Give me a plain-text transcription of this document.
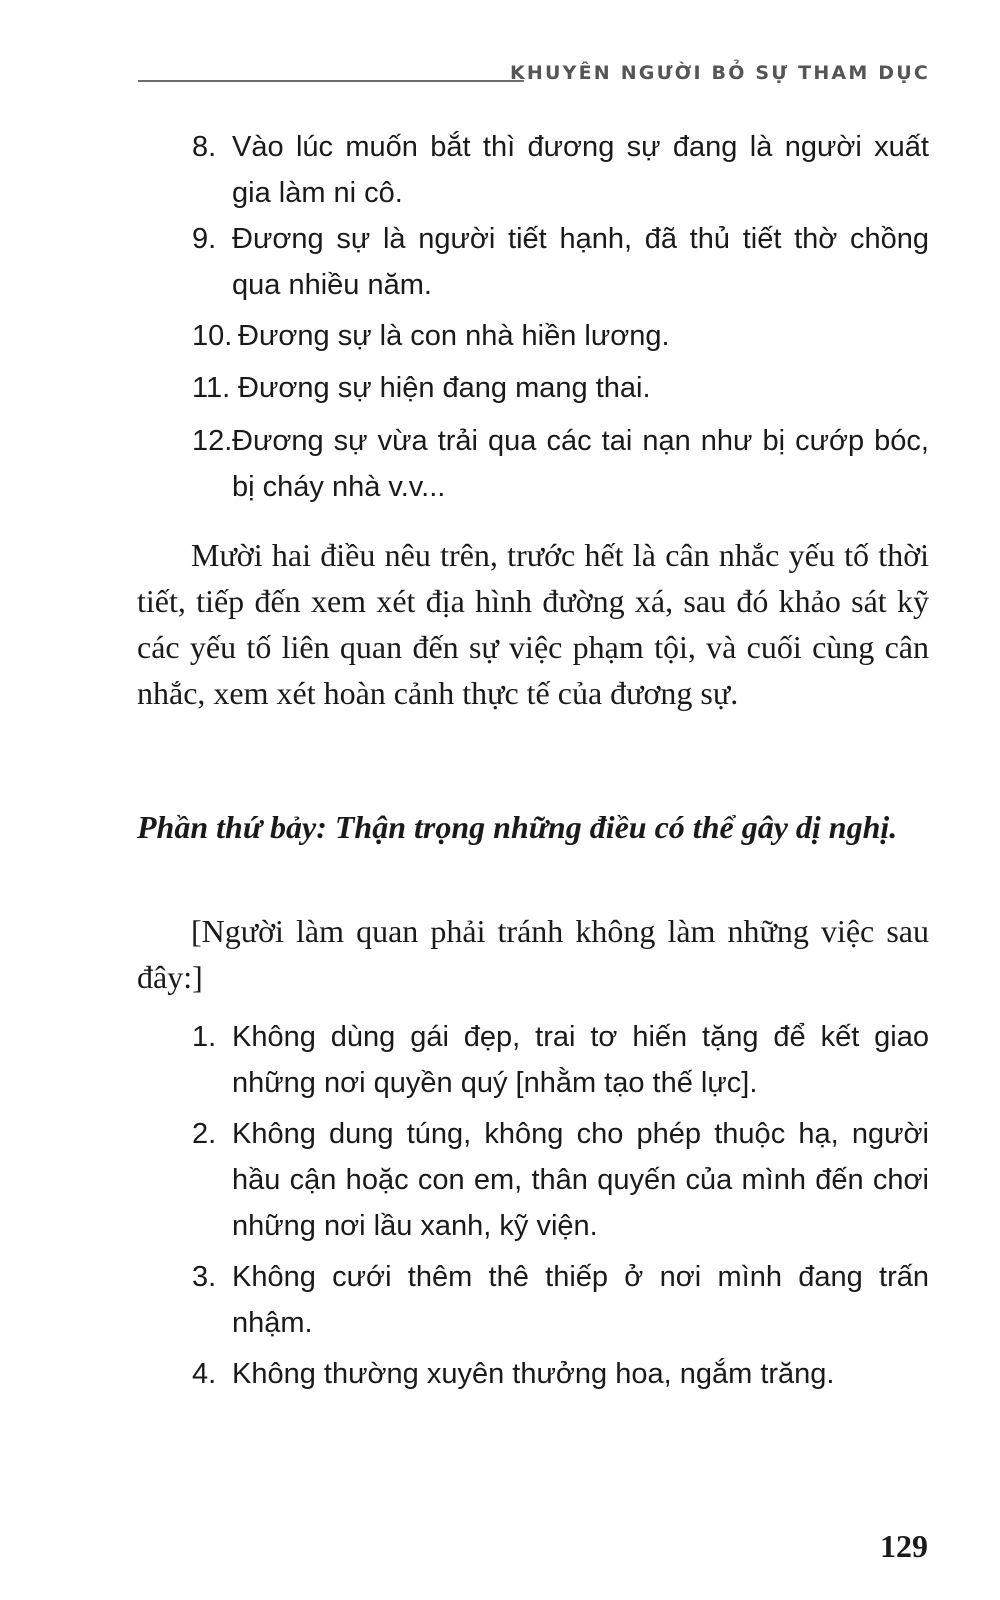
KHUYÊN NGƯỜI BỎ SỰ THAM DỤC
8. Vào lúc muốn bắt thì đương sự đang là người xuất gia làm ni cô.
9. Đương sự là người tiết hạnh, đã thủ tiết thờ chồng qua nhiều năm.
10. Đương sự là con nhà hiền lương.
11. Đương sự hiện đang mang thai.
12. Đương sự vừa trải qua các tai nạn như bị cướp bóc, bị cháy nhà v.v...
Mười hai điều nêu trên, trước hết là cân nhắc yếu tố thời tiết, tiếp đến xem xét địa hình đường xá, sau đó khảo sát kỹ các yếu tố liên quan đến sự việc phạm tội, và cuối cùng cân nhắc, xem xét hoàn cảnh thực tế của đương sự.
Phần thứ bảy: Thận trọng những điều có thể gây dị nghị.
[Người làm quan phải tránh không làm những việc sau đây:]
1. Không dùng gái đẹp, trai tơ hiến tặng để kết giao những nơi quyền quý [nhằm tạo thế lực].
2. Không dung túng, không cho phép thuộc hạ, người hầu cận hoặc con em, thân quyến của mình đến chơi những nơi lầu xanh, kỹ viện.
3. Không cưới thêm thê thiếp ở nơi mình đang trấn nhậm.
4. Không thường xuyên thưởng hoa, ngắm trăng.
129
